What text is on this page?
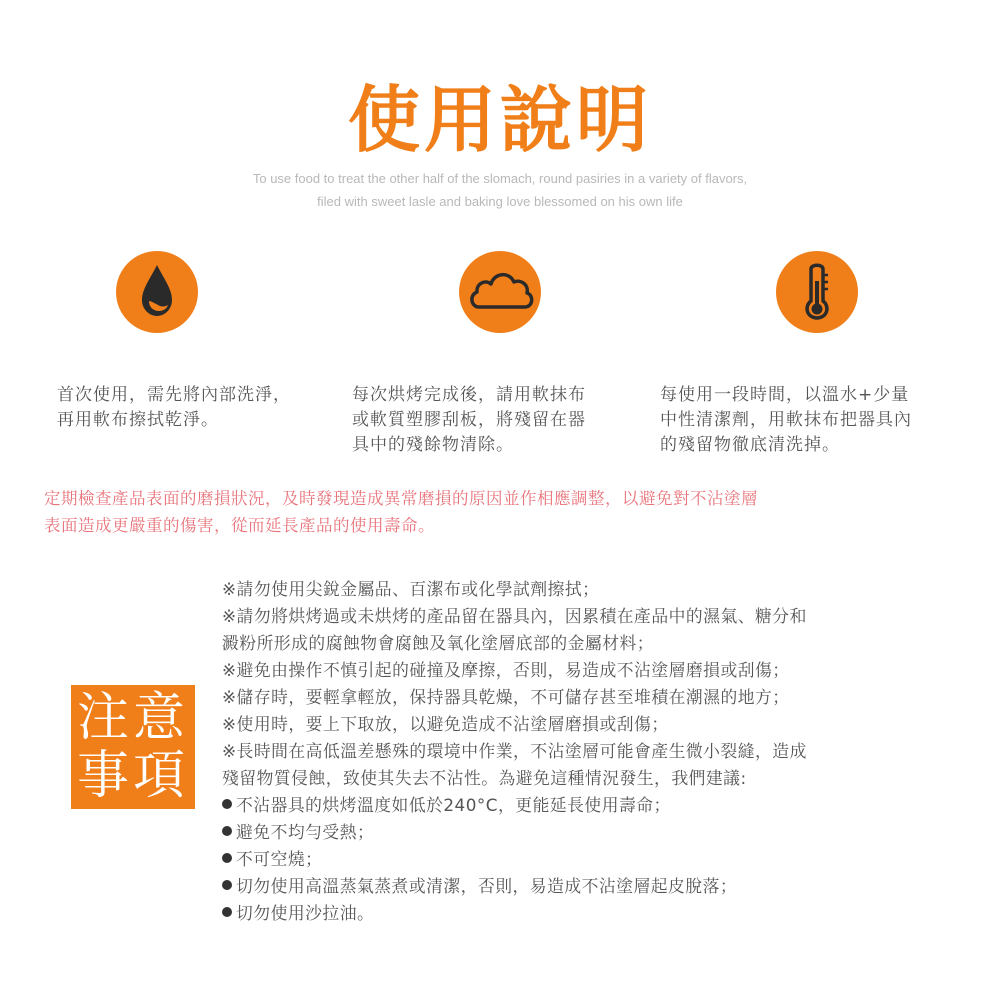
使用說明
To use food to treat the other half of the slomach, round pasiries in a variety of flavors,
filed with sweet lasle and baking love blessomed on his own life
首次使用，需先將內部洗淨，
再用軟布擦拭乾淨。
每次烘烤完成後，請用軟抹布
或軟質塑膠刮板，將殘留在器
具中的殘餘物清除。
每使用一段時間，以溫水+少量
中性清潔劑，用軟抹布把器具內
的殘留物徹底清洗掉。
定期檢查產品表面的磨損狀況，及時發現造成異常磨損的原因並作相應調整，以避免對不沾塗層
表面造成更嚴重的傷害，從而延長產品的使用壽命。
注意
事項
※請勿使用尖銳金屬品、百潔布或化學試劑擦拭；
※請勿將烘烤過或未烘烤的產品留在器具內，因累積在產品中的濕氣、糖分和
澱粉所形成的腐蝕物會腐蝕及氧化塗層底部的金屬材料；
※避免由操作不慎引起的碰撞及摩擦，否則，易造成不沾塗層磨損或刮傷；
※儲存時，要輕拿輕放，保持器具乾燥，不可儲存甚至堆積在潮濕的地方；
※使用時，要上下取放，以避免造成不沾塗層磨損或刮傷；
※長時間在高低溫差懸殊的環境中作業，不沾塗層可能會產生微小裂縫，造成
殘留物質侵蝕，致使其失去不沾性。為避免這種情況發生，我們建議:
不沾器具的烘烤溫度如低於240°C，更能延長使用壽命；
避免不均勻受熱；
不可空燒；
切勿使用高溫蒸氣蒸煮或清潔，否則，易造成不沾塗層起皮脫落；
切勿使用沙拉油。
